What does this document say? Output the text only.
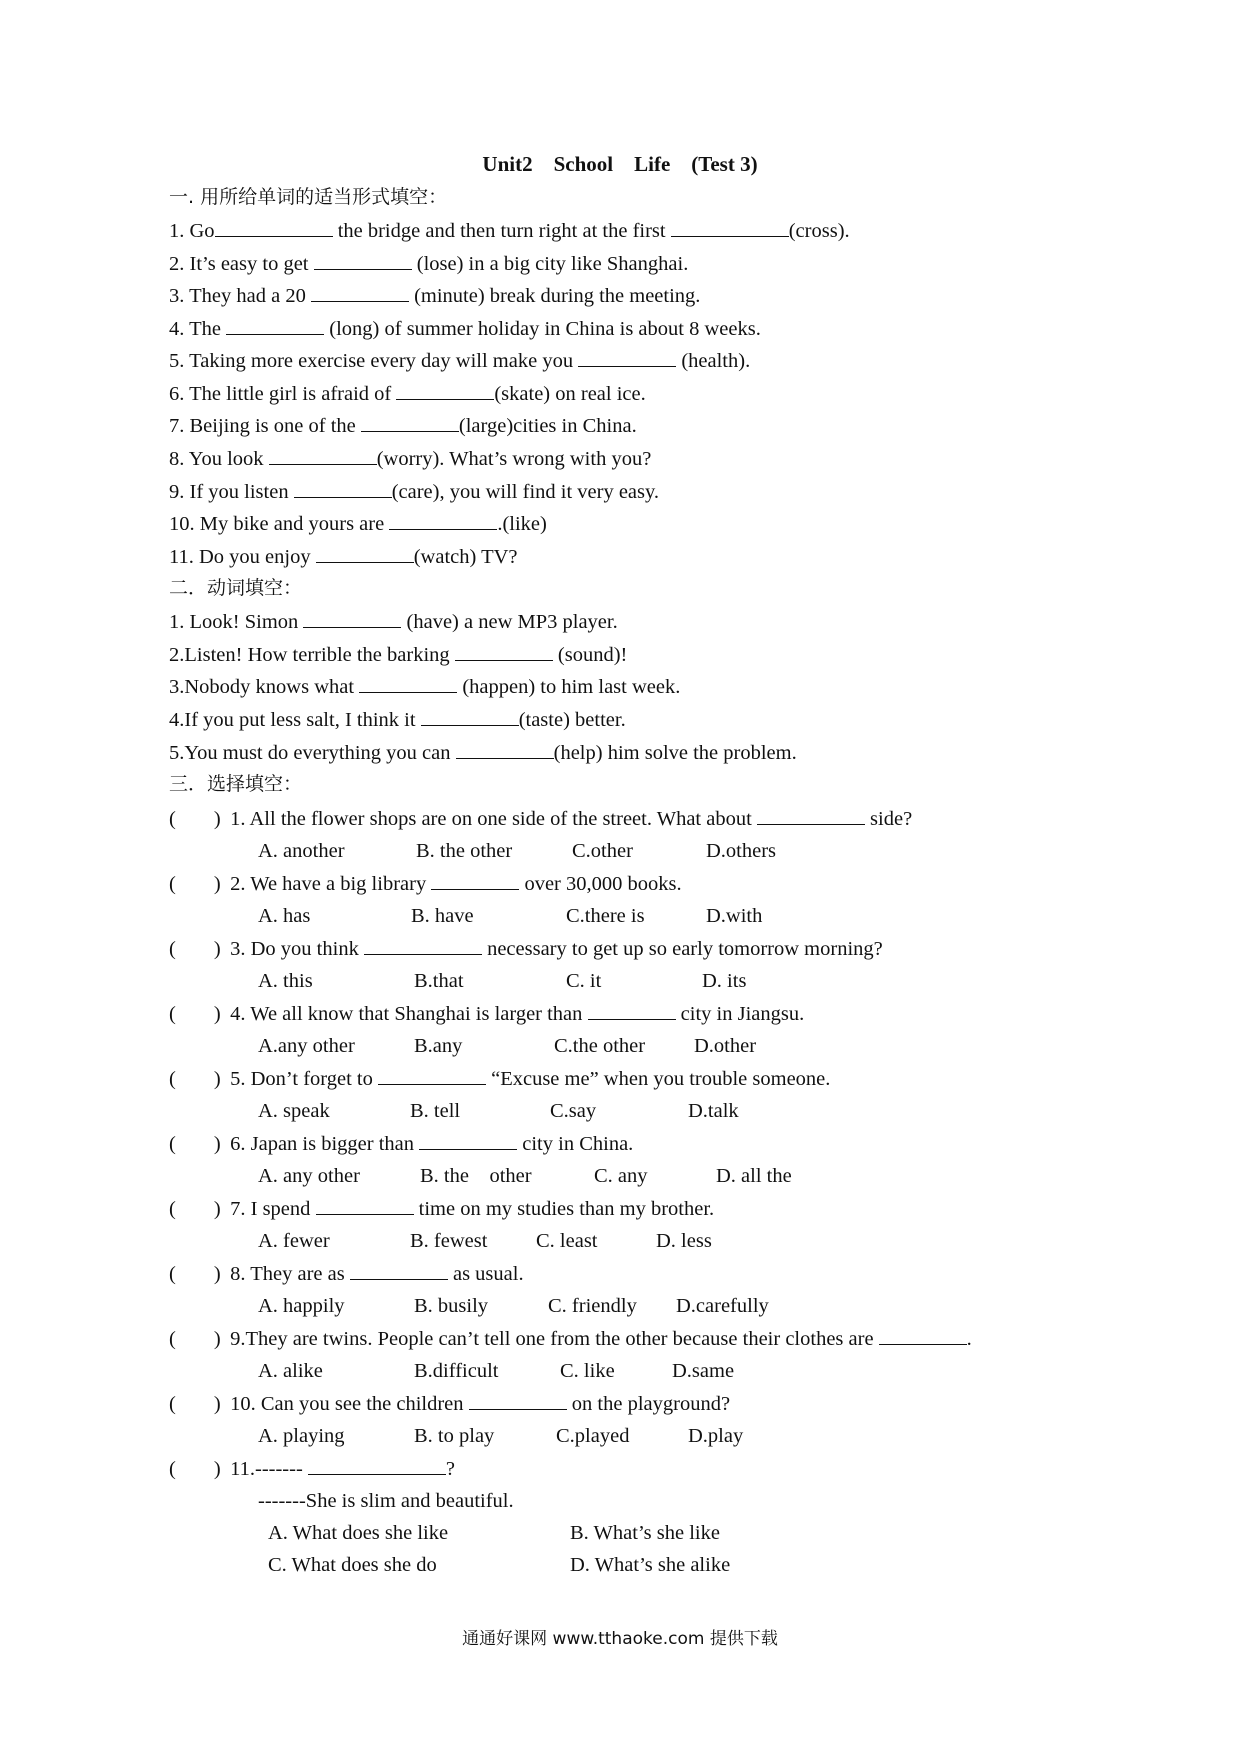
Unit2    School    Life    (Test 3)
一. 用所给单词的适当形式填空：
1. Go	the bridge and then turn right at the first	(cross).
2. It’s easy to get	(lose) in a big city like Shanghai.
3. They had a 20	(minute) break during the meeting.
4. The	(long) of summer holiday in China is about 8 weeks.
5. Taking more exercise every day will make you	(health).
6. The little girl is afraid of	(skate) on real ice.
7. Beijing is one of the	(large)cities in China.
8. You look	(worry). What’s wrong with you?
9. If you listen	(care), you will find it very easy.
10. My bike and yours are	.(like)
11. Do you enjoy	(watch) TV?
二．动词填空：
1. Look! Simon	(have) a new MP3 player.
2.Listen! How terrible the barking	(sound)!
3.Nobody knows what	(happen) to him last week.
4.If you put less salt, I think it	(taste) better.
5.You must do everything you can	(help) him solve the problem.
三．选择填空：
( ) 1. All the flower shops are on one side of the street. What about	side?
A. another	B. the other	C.other	D.others
( ) 2. We have a big library	over 30,000 books.
A. has	B. have	C.there is	D.with
( ) 3. Do you think	necessary to get up so early tomorrow morning?
A. this	B.that	C. it	D. its
( ) 4. We all know that Shanghai is larger than	city in Jiangsu.
A.any other	B.any	C.the other D.other
( ) 5. Don’t forget to	“Excuse me” when you trouble someone.
A. speak	B. tell	C.say	D.talk
( ) 6. Japan is bigger than	city in China.
A. any other	B. the    other	C. any	D. all the
( ) 7. I spend	time on my studies than my brother.
A. fewer	B. fewest C. least	D. less
( ) 8. They are as	as usual.
A. happily	B. busily	C. friendly D.carefully
( ) 9.They are twins. People can’t tell one from the other because their clothes are	.
A. alike	B.difficult	C. like	D.same
( ) 10. Can you see the children	on the playground?
A. playing	B. to play	C.played	D.play
( ) 11.-------	?
-------She is slim and beautiful.
A. What does she like	B. What’s she like
C. What does she do	D. What’s she alike
通通好课网 www.tthaoke.com 提供下载
